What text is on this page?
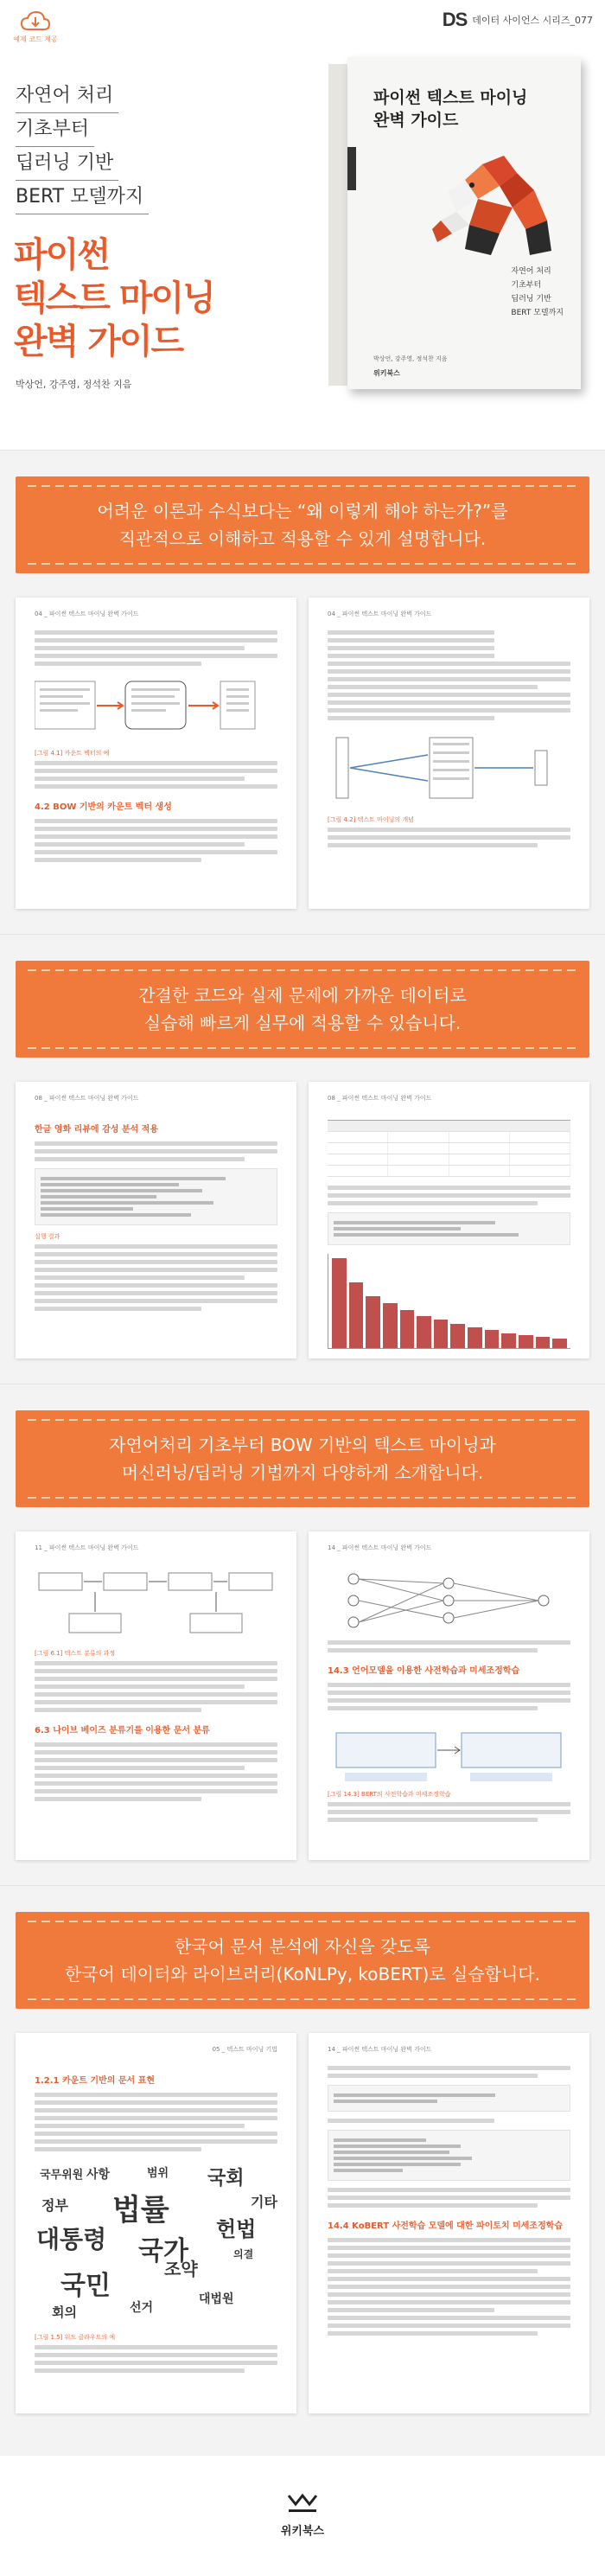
예제 코드 제공
DS 데이터 사이언스 시리즈_077
자연어 처리
기초부터
딥러닝 기반
BERT 모델까지
파이썬
텍스트 마이닝
완벽 가이드
박상언, 강주영, 정석찬 지음
파이썬 텍스트 마이닝
완벽 가이드
자연어 처리
기초부터
딥러닝 기반
BERT 모델까지
박상언, 강주영, 정석찬 지음
위키북스
어려운 이론과 수식보다는 “왜 이렇게 해야 하는가?”를
직관적으로 이해하고 적용할 수 있게 설명합니다.
04 _ 파이썬 텍스트 마이닝 완벽 가이드
[그림 4.1] 카운트 벡터의 예
4.2 BOW 기반의 카운트 벡터 생성
04 _ 파이썬 텍스트 마이닝 완벽 가이드
[그림 4.2] 텍스트 마이닝의 개념
간결한 코드와 실제 문제에 가까운 데이터로
실습해 빠르게 실무에 적용할 수 있습니다.
08 _ 파이썬 텍스트 마이닝 완벽 가이드
한글 영화 리뷰에 감성 분석 적용
실행 결과
08 _ 파이썬 텍스트 마이닝 완벽 가이드
자연어처리 기초부터 BOW 기반의 텍스트 마이닝과
머신러닝/딥러닝 기법까지 다양하게 소개합니다.
11 _ 파이썬 텍스트 마이닝 완벽 가이드
[그림 6.1] 텍스트 분류의 과정
6.3 나이브 베이즈 분류기를 이용한 문서 분류
14 _ 파이썬 텍스트 마이닝 완벽 가이드
14.3 언어모델을 이용한 사전학습과 미세조정학습
[그림 14.3] BERT의 사전학습과 미세조정학습
한국어 문서 분석에 자신을 갖도록
한국어 데이터와 라이브러리(KoNLPy, koBERT)로 실습합니다.
05 _ 텍스트 마이닝 기법
1.2.1 카운트 기반의 문서 표현
국무위원
법률
대통령
국회
조약
정부
국민
헌법
사항	범위
대법원
국가	의결
선거
기타
회의
[그림 1.5] 워드 클라우드의 예
14 _ 파이썬 텍스트 마이닝 완벽 가이드
14.4 KoBERT 사전학습 모델에 대한 파이토치 미세조정학습
위키북스
